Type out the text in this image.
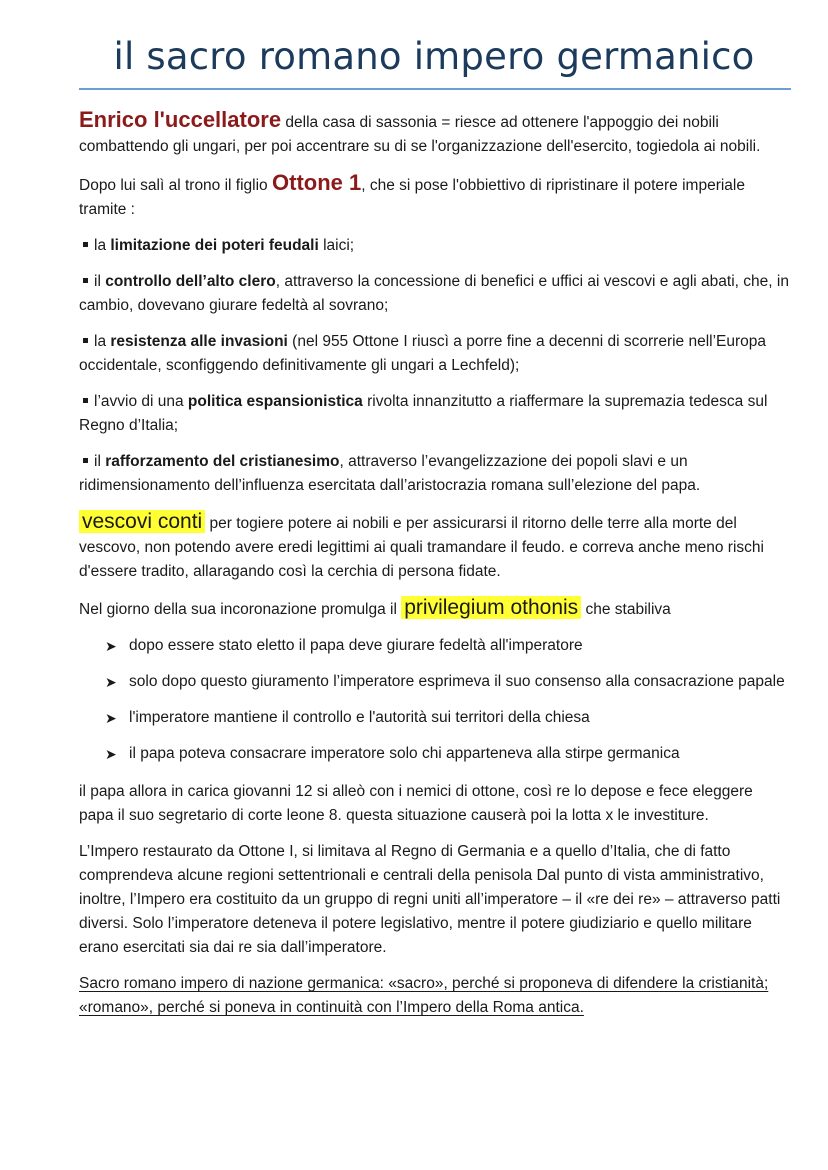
il sacro romano impero germanico

Enrico l'uccellatore della casa di sassonia = riesce ad ottenere l'appoggio dei nobili combattendo gli ungari, per poi accentrare su di se l'organizzazione dell'esercito, togiedola ai nobili.

Dopo lui salì al trono il figlio Ottone 1, che si pose l'obbiettivo di ripristinare il potere imperiale tramite :

la limitazione dei poteri feudali laici;

il controllo dell’alto clero, attraverso la concessione di benefici e uffici ai vescovi e agli abati, che, in cambio, dovevano giurare fedeltà al sovrano;

la resistenza alle invasioni (nel 955 Ottone I riuscì a porre fine a decenni di scorrerie nell’Europa occidentale, sconfiggendo definitivamente gli ungari a Lechfeld);

l’avvio di una politica espansionistica rivolta innanzitutto a riaffermare la supremazia tedesca sul Regno d’Italia;

il rafforzamento del cristianesimo, attraverso l’evangelizzazione dei popoli slavi e un ridimensionamento dell’influenza esercitata dall’aristocrazia romana sull’elezione del papa.

vescovi conti per togiere potere ai nobili e per assicurarsi il ritorno delle terre alla morte del vescovo, non potendo avere eredi legittimi ai quali tramandare il feudo. e correva anche meno rischi d'essere tradito, allaragando così la cerchia di persona fidate.

Nel giorno della sua incoronazione promulga il privilegium othonis che stabiliva

➤ dopo essere stato eletto il papa deve giurare fedeltà all'imperatore
➤ solo dopo questo giuramento l’imperatore esprimeva il suo consenso alla consacrazione papale
➤ l'imperatore mantiene il controllo e l'autorità sui territori della chiesa
➤ il papa poteva consacrare imperatore solo chi apparteneva alla stirpe germanica

il papa allora in carica giovanni 12 si alleò con i nemici di ottone, così re lo depose e fece eleggere papa il suo segretario di corte leone 8. questa situazione causerà poi la lotta x le investiture.

L’Impero restaurato da Ottone I, si limitava al Regno di Germania e a quello d’Italia, che di fatto comprendeva alcune regioni settentrionali e centrali della penisola Dal punto di vista amministrativo, inoltre, l’Impero era costituito da un gruppo di regni uniti all’imperatore – il «re dei re» – attraverso patti diversi. Solo l’imperatore deteneva il potere legislativo, mentre il potere giudiziario e quello militare erano esercitati sia dai re sia dall’imperatore.

Sacro romano impero di nazione germanica: «sacro», perché si proponeva di difendere la cristianità; «romano», perché si poneva in continuità con l’Impero della Roma antica.
